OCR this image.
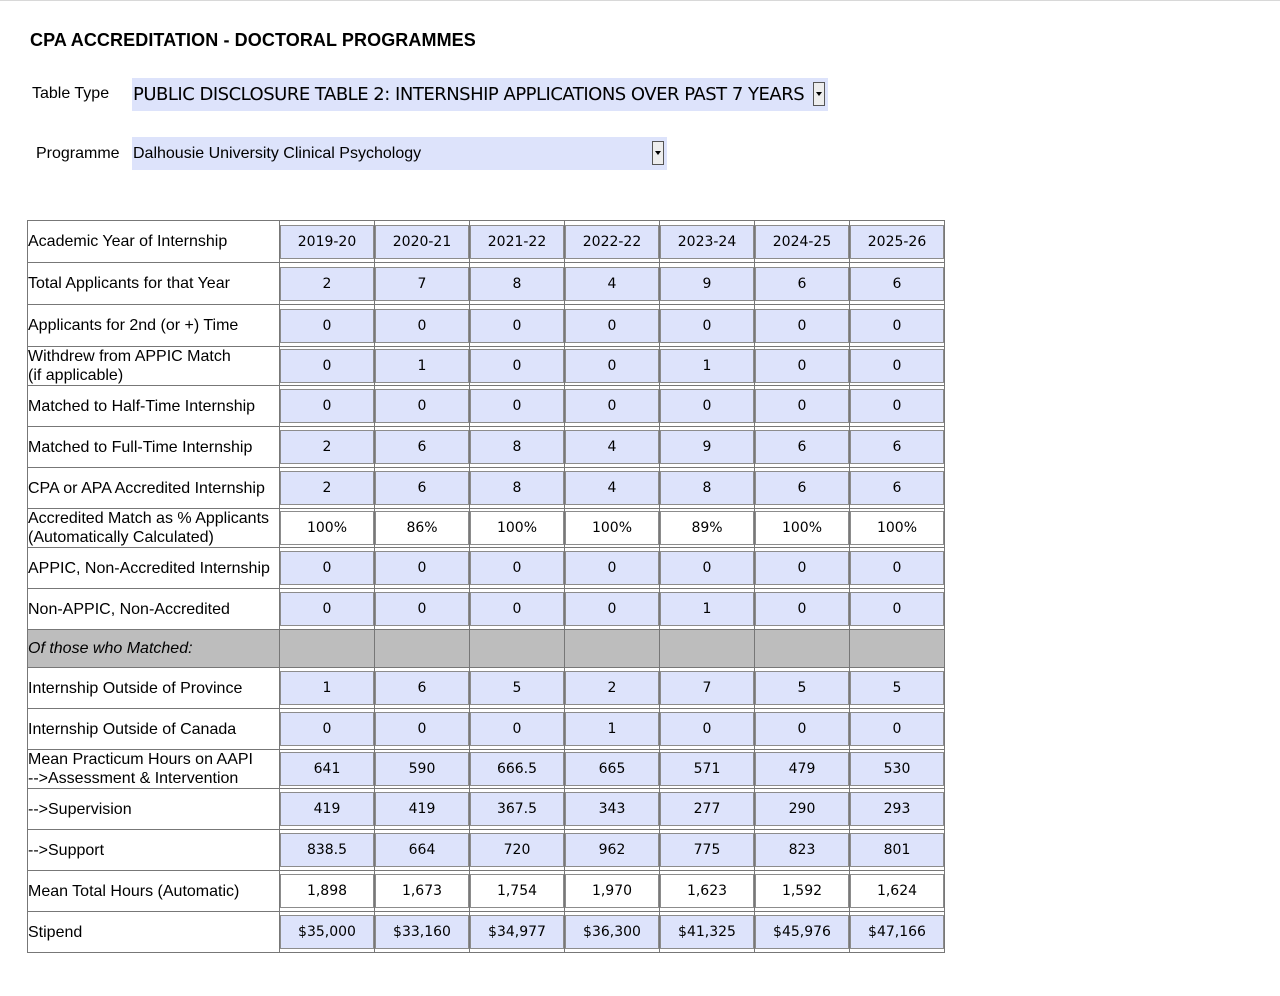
CPA ACCREDITATION - DOCTORAL PROGRAMMES
Table Type PUBLIC DISCLOSURE TABLE 2: INTERNSHIP APPLICATIONS OVER PAST 7 YEARS
Programme Dalhousie University Clinical Psychology
Academic Year of Internship	2019-20	2020-21	2021-22	2022-22	2023-24	2024-25	2025-26

Total Applicants for that Year	2	7	8	4	9	6	6

Applicants for 2nd (or +) Time	0	0	0	0	0	0	0

Withdrew from APPIC Match
(if applicable)	0	1	0	0	1	0	0

Matched to Half-Time Internship	0	0	0	0	0	0	0

Matched to Full-Time Internship	2	6	8	4	9	6	6

CPA or APA Accredited Internship	2	6	8	4	8	6	6

Accredited Match as % Applicants
(Automatically Calculated)	100%	86%	100%	100%	89%	100%	100%

APPIC, Non-Accredited Internship	0	0	0	0	0	0	0

Non-APPIC, Non-Accredited	0	0	0	0	1	0	0

Of those who Matched:							
Internship Outside of Province	1	6	5	2	7	5	5

Internship Outside of Canada	0	0	0	1	0	0	0

Mean Practicum Hours on AAPI
-->Assessment & Intervention	641	590	666.5	665	571	479	530

-->Supervision	419	419	367.5	343	277	290	293

-->Support	838.5	664	720	962	775	823	801

Mean Total Hours (Automatic)	1,898	1,673	1,754	1,970	1,623	1,592	1,624

Stipend	$35,000	$33,160	$34,977	$36,300	$41,325	$45,976	$47,166
